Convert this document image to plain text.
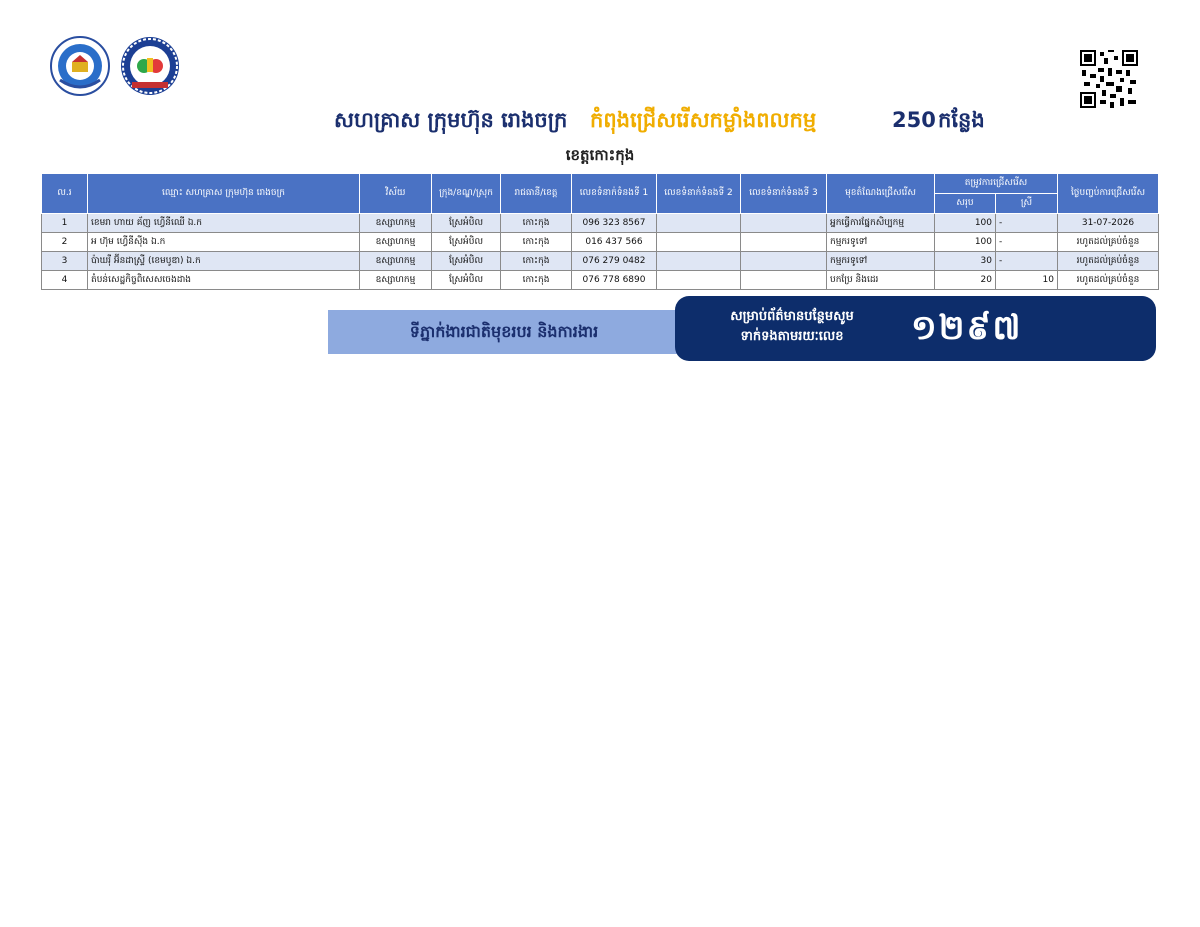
សហគ្រាស ក្រុមហ៊ុន រោងចក្រ កំពុងជ្រើសរើសកម្លាំងពលកម្ម	250 កន្លែង
ខេត្តកោះកុង
ល.រ	ឈ្មោះ សហគ្រាស ក្រុមហ៊ុន រោងចក្រ	វិស័យ	ក្រុង/ខណ្ឌ/ស្រុក	រាជធានី/ខេត្ត	លេខទំនាក់ទំនងទី 1	លេខទំនាក់ទំនងទី 2	លេខទំនាក់ទំនងទី 3	មុខតំណែងជ្រើសរើស	តម្រូវការជ្រើសរើស		ថ្ងៃបញ្ចប់ការជ្រើសរើស
									សរុប	ស្រី	
1	ខេមរា ហាយ គ័ញ ហ្វើនីឈើ ឯ.ក	ឧស្សាហកម្ម	ស្រែអំបិល	កោះកុង	096 323 8567			អ្នកធ្វើការផ្នែកសិប្បកម្ម	100	-	31-07-2026
2	អ ហ៊ុម ហ្វើនីស៊ីង ឯ.ក	ឧស្សាហកម្ម	ស្រែអំបិល	កោះកុង	016 437 566			កម្មករទូទៅ	100	-	រហូតដល់គ្រប់ចំនួន
3	ប៉ាឃរ៉ី អ៊ីនដាស្ទ្រី (ខេមបូឌា) ឯ.ក	ឧស្សាហកម្ម	ស្រែអំបិល	កោះកុង	076 279 0482			កម្មករទូទៅ	30	-	រហូតដល់គ្រប់ចំនួន
4	តំបន់សេដ្ឋកិច្ចពិសេសចេងដាង	ឧស្សាហកម្ម	ស្រែអំបិល	កោះកុង	076 778 6890			បកប្រែ និងដេរ	20	10	រហូតដល់គ្រប់ចំនួន
ទីភ្នាក់ងារជាតិមុខរបរ និងការងារ
សម្រាប់ព័ត៌មានបន្ថែមសូម
ទាក់ទងតាមរយៈលេខ	១២៩៧
